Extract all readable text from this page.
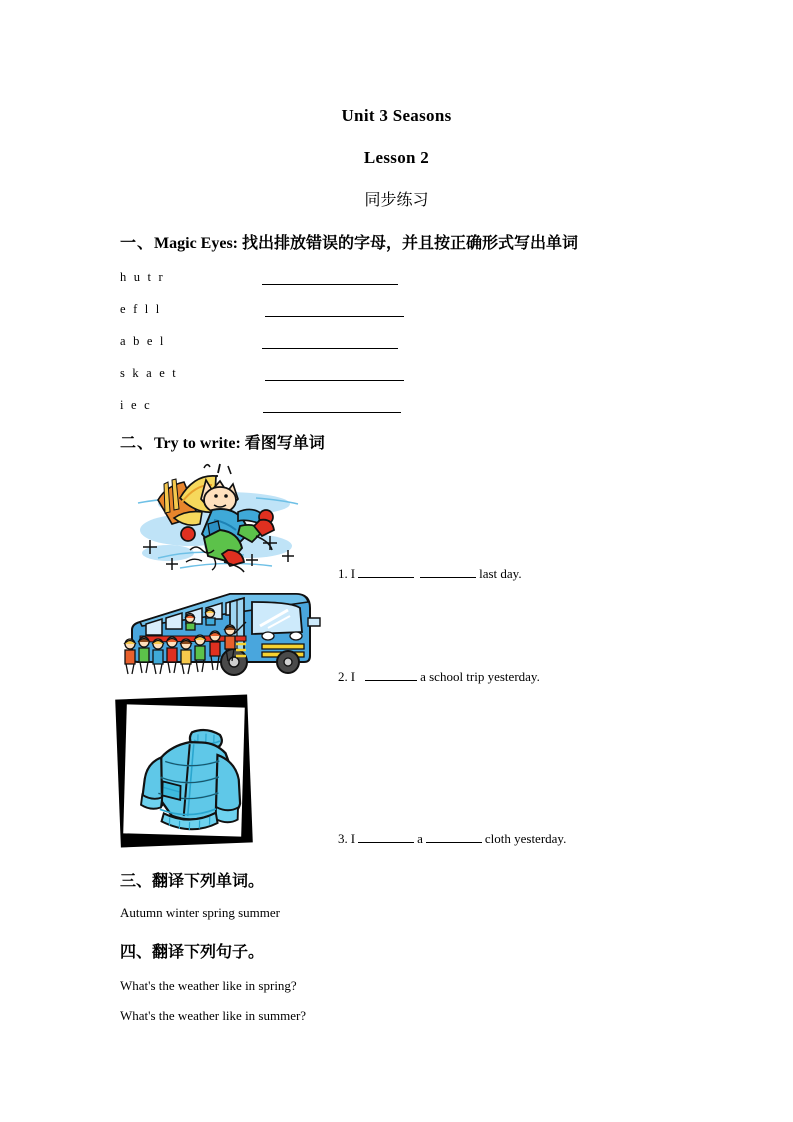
Unit 3 Seasons
Lesson 2
同步练习
一、Magic Eyes: 找出排放错误的字母，并且按正确形式写出单词
h u t r
e f l l
a b e l
s k a e t
i e c
二、Try to write: 看图写单词
1. I	last day.
2. I	a school trip yesterday.
3. I	a	cloth yesterday.
三、翻译下列单词。
Autumn winter spring summer
四、翻译下列句子。
What's the weather like in spring?
What's the weather like in summer?
